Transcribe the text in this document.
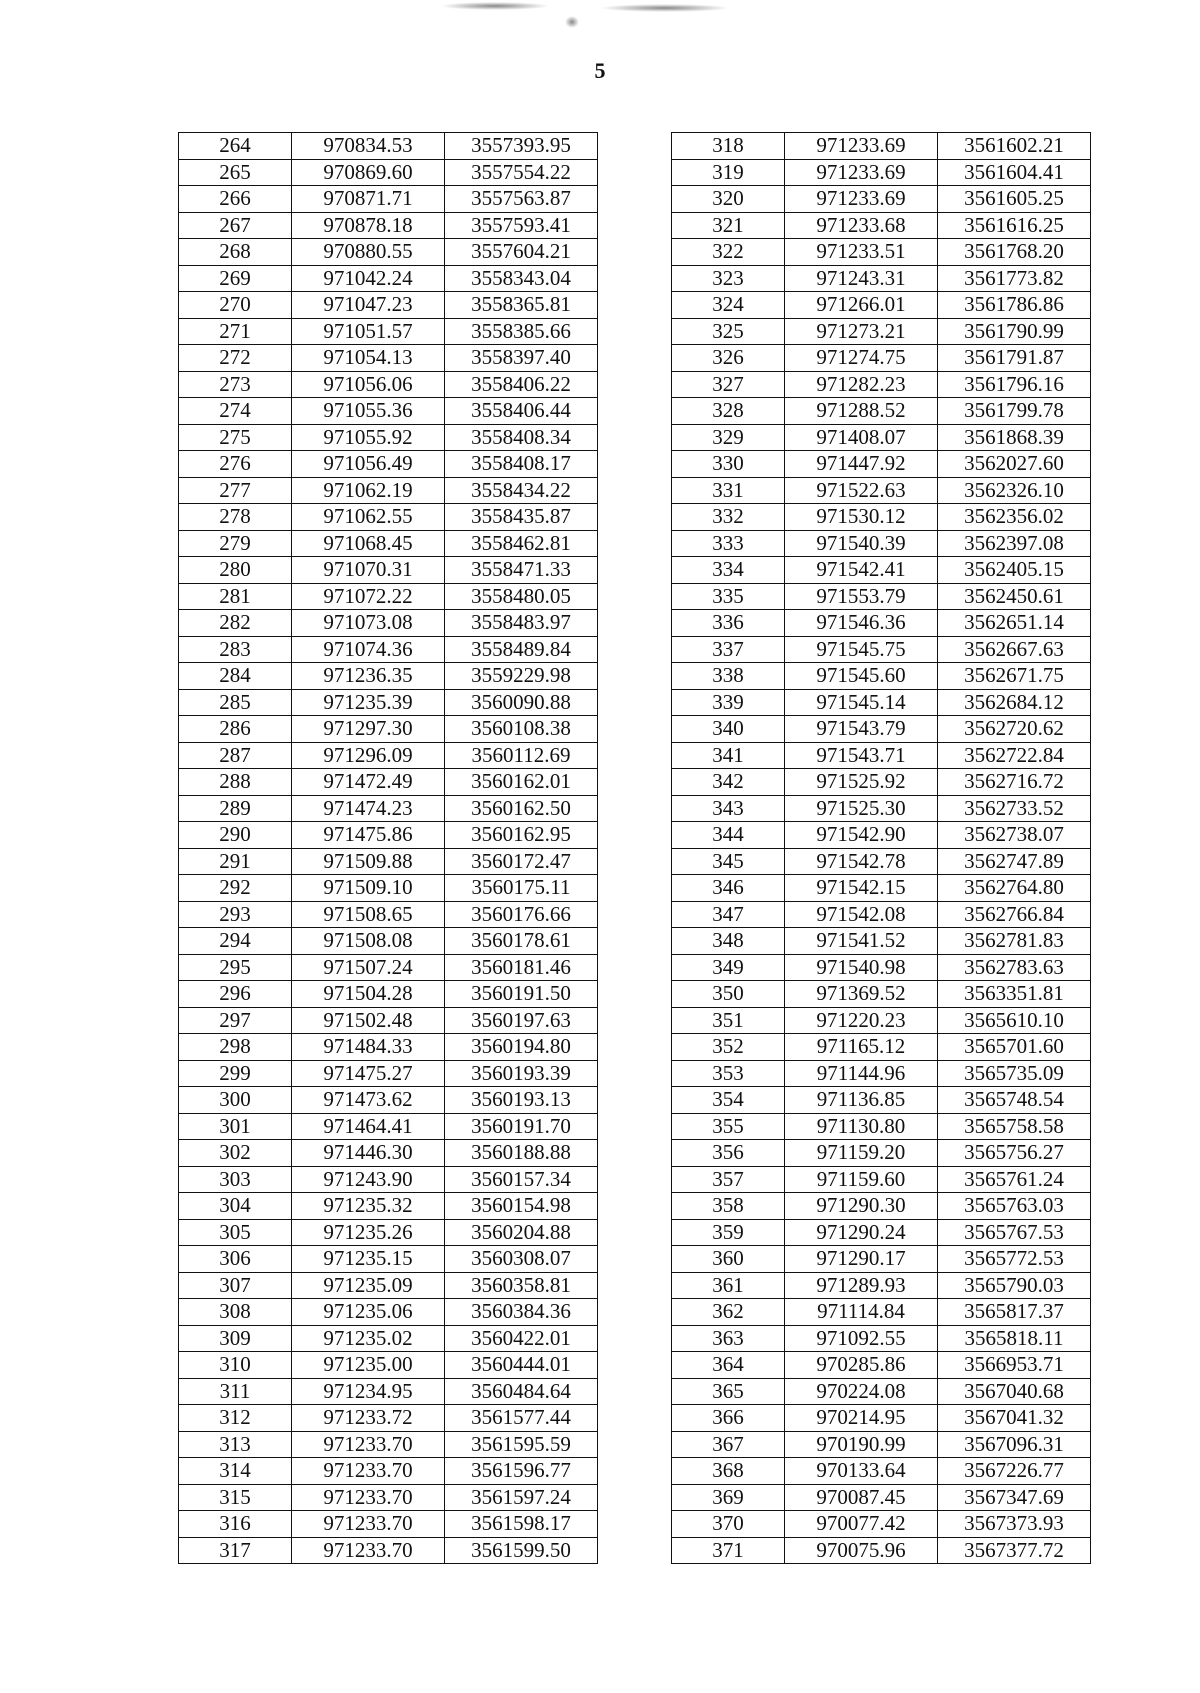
5
264	970834.53	3557393.95
265	970869.60	3557554.22
266	970871.71	3557563.87
267	970878.18	3557593.41
268	970880.55	3557604.21
269	971042.24	3558343.04
270	971047.23	3558365.81
271	971051.57	3558385.66
272	971054.13	3558397.40
273	971056.06	3558406.22
274	971055.36	3558406.44
275	971055.92	3558408.34
276	971056.49	3558408.17
277	971062.19	3558434.22
278	971062.55	3558435.87
279	971068.45	3558462.81
280	971070.31	3558471.33
281	971072.22	3558480.05
282	971073.08	3558483.97
283	971074.36	3558489.84
284	971236.35	3559229.98
285	971235.39	3560090.88
286	971297.30	3560108.38
287	971296.09	3560112.69
288	971472.49	3560162.01
289	971474.23	3560162.50
290	971475.86	3560162.95
291	971509.88	3560172.47
292	971509.10	3560175.11
293	971508.65	3560176.66
294	971508.08	3560178.61
295	971507.24	3560181.46
296	971504.28	3560191.50
297	971502.48	3560197.63
298	971484.33	3560194.80
299	971475.27	3560193.39
300	971473.62	3560193.13
301	971464.41	3560191.70
302	971446.30	3560188.88
303	971243.90	3560157.34
304	971235.32	3560154.98
305	971235.26	3560204.88
306	971235.15	3560308.07
307	971235.09	3560358.81
308	971235.06	3560384.36
309	971235.02	3560422.01
310	971235.00	3560444.01
311	971234.95	3560484.64
312	971233.72	3561577.44
313	971233.70	3561595.59
314	971233.70	3561596.77
315	971233.70	3561597.24
316	971233.70	3561598.17
317	971233.70	3561599.50
318	971233.69	3561602.21
319	971233.69	3561604.41
320	971233.69	3561605.25
321	971233.68	3561616.25
322	971233.51	3561768.20
323	971243.31	3561773.82
324	971266.01	3561786.86
325	971273.21	3561790.99
326	971274.75	3561791.87
327	971282.23	3561796.16
328	971288.52	3561799.78
329	971408.07	3561868.39
330	971447.92	3562027.60
331	971522.63	3562326.10
332	971530.12	3562356.02
333	971540.39	3562397.08
334	971542.41	3562405.15
335	971553.79	3562450.61
336	971546.36	3562651.14
337	971545.75	3562667.63
338	971545.60	3562671.75
339	971545.14	3562684.12
340	971543.79	3562720.62
341	971543.71	3562722.84
342	971525.92	3562716.72
343	971525.30	3562733.52
344	971542.90	3562738.07
345	971542.78	3562747.89
346	971542.15	3562764.80
347	971542.08	3562766.84
348	971541.52	3562781.83
349	971540.98	3562783.63
350	971369.52	3563351.81
351	971220.23	3565610.10
352	971165.12	3565701.60
353	971144.96	3565735.09
354	971136.85	3565748.54
355	971130.80	3565758.58
356	971159.20	3565756.27
357	971159.60	3565761.24
358	971290.30	3565763.03
359	971290.24	3565767.53
360	971290.17	3565772.53
361	971289.93	3565790.03
362	971114.84	3565817.37
363	971092.55	3565818.11
364	970285.86	3566953.71
365	970224.08	3567040.68
366	970214.95	3567041.32
367	970190.99	3567096.31
368	970133.64	3567226.77
369	970087.45	3567347.69
370	970077.42	3567373.93
371	970075.96	3567377.72
